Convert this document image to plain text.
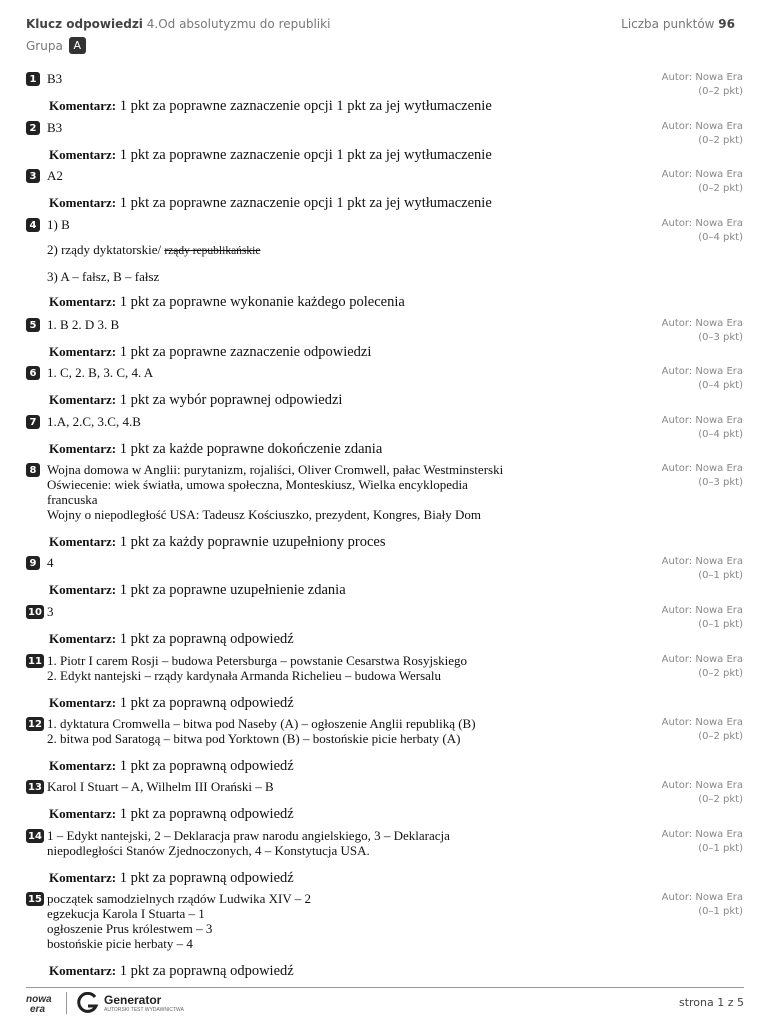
Klucz odpowiedzi 4.Od absolutyzmu do republiki	Liczba punktów 96
Grupa A
1 B3	Autor: Nowa Era
(0–2 pkt)
Komentarz: 1 pkt za poprawne zaznaczenie opcji 1 pkt za jej wytłumaczenie
2 B3	Autor: Nowa Era
(0–2 pkt)
Komentarz: 1 pkt za poprawne zaznaczenie opcji 1 pkt za jej wytłumaczenie
3 A2	Autor: Nowa Era
(0–2 pkt)
Komentarz: 1 pkt za poprawne zaznaczenie opcji 1 pkt za jej wytłumaczenie
4 1) B
2) rządy dyktatorskie/ rządy republikańskie
3) A – fałsz, B – fałsz
Autor: Nowa Era
(0–4 pkt)
Komentarz: 1 pkt za poprawne wykonanie każdego polecenia
5 1. B 2. D 3. B	Autor: Nowa Era
(0–3 pkt)
Komentarz: 1 pkt za poprawne zaznaczenie odpowiedzi
6 1. C, 2. B, 3. C, 4. A	Autor: Nowa Era
(0–4 pkt)
Komentarz: 1 pkt za wybór poprawnej odpowiedzi
7 1.A, 2.C, 3.C, 4.B	Autor: Nowa Era
(0–4 pkt)
Komentarz: 1 pkt za każde poprawne dokończenie zdania
8 Wojna domowa w Anglii: purytanizm, rojaliści, Oliver Cromwell, pałac Westminsterski
Oświecenie: wiek światła, umowa społeczna, Monteskiusz, Wielka encyklopedia
francuska
Wojny o niepodległość USA: Tadeusz Kościuszko, prezydent, Kongres, Biały Dom
Autor: Nowa Era
(0–3 pkt)
Komentarz: 1 pkt za każdy poprawnie uzupełniony proces
9 4	Autor: Nowa Era
(0–1 pkt)
Komentarz: 1 pkt za poprawne uzupełnienie zdania
10 3	Autor: Nowa Era
(0–1 pkt)
Komentarz: 1 pkt za poprawną odpowiedź
11 1. Piotr I carem Rosji – budowa Petersburga – powstanie Cesarstwa Rosyjskiego
2. Edykt nantejski – rządy kardynała Armanda Richelieu – budowa Wersalu
Autor: Nowa Era
(0–2 pkt)
Komentarz: 1 pkt za poprawną odpowiedź
12 1. dyktatura Cromwella – bitwa pod Naseby (A) – ogłoszenie Anglii republiką (B)
2. bitwa pod Saratogą – bitwa pod Yorktown (B) – bostońskie picie herbaty (A)
Autor: Nowa Era
(0–2 pkt)
Komentarz: 1 pkt za poprawną odpowiedź
13 Karol I Stuart – A, Wilhelm III Orański – B	Autor: Nowa Era
(0–2 pkt)
Komentarz: 1 pkt za poprawną odpowiedź
14 1 – Edykt nantejski, 2 – Deklaracja praw narodu angielskiego, 3 – Deklaracja
niepodległości Stanów Zjednoczonych, 4 – Konstytucja USA.
Autor: Nowa Era
(0–1 pkt)
Komentarz: 1 pkt za poprawną odpowiedź
15 początek samodzielnych rządów Ludwika XIV – 2
egzekucja Karola I Stuarta – 1
ogłoszenie Prus królestwem – 3
bostońskie picie herbaty – 4
Autor: Nowa Era
(0–1 pkt)
Komentarz: 1 pkt za poprawną odpowiedź
nowa
era
Generator
AUTORSKI TEST WYDAWNICTWA
strona 1 z 5
